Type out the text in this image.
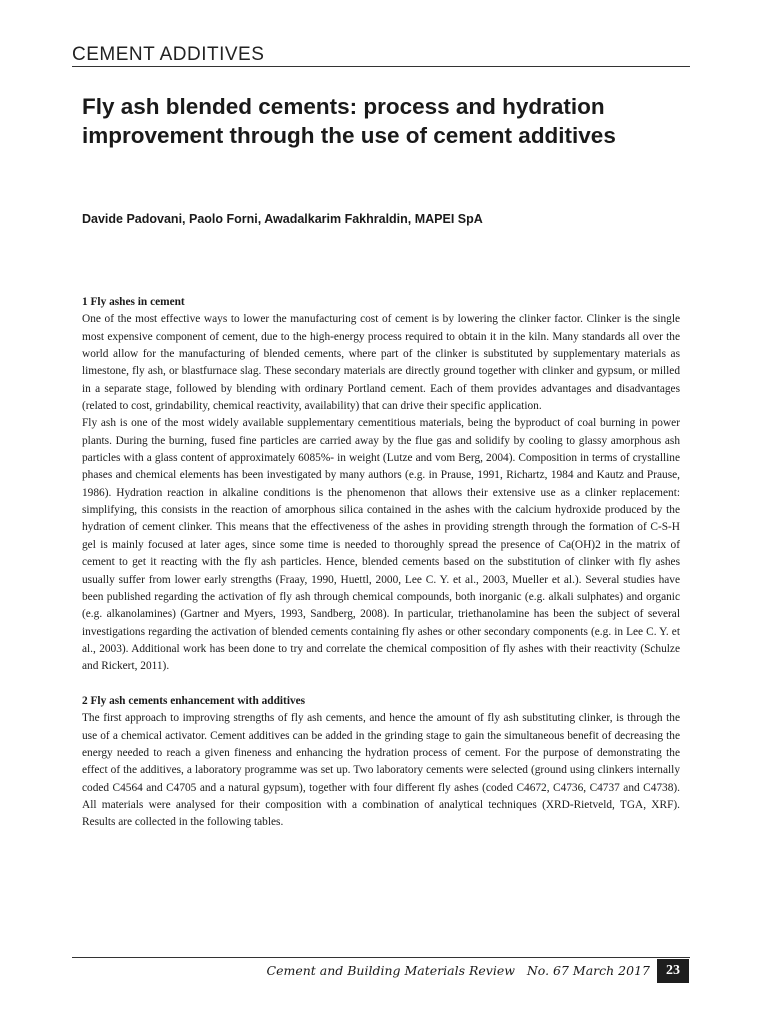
CEMENT ADDITIVES
Fly ash blended cements: process and hydration improvement through the use of cement additives
Davide Padovani, Paolo Forni, Awadalkarim Fakhraldin, MAPEI SpA
1 Fly ashes in cement

One of the most effective ways to lower the manufacturing cost of cement is by lowering the clinker factor. Clinker is the single most expensive component of cement, due to the high-energy process required to obtain it in the kiln. Many standards all over the world allow for the manufacturing of blended cements, where part of the clinker is substituted by supplementary materials as limestone, fly ash, or blastfurnace slag. These secondary materials are directly ground together with clinker and gypsum, or milled in a separate stage, followed by blending with ordinary Portland cement. Each of them provides advantages and disadvantages (related to cost, grindability, chemical reactivity, availability) that can drive their specific application.

Fly ash is one of the most widely available supplementary cementitious materials, being the byproduct of coal burning in power plants. During the burning, fused fine particles are carried away by the flue gas and solidify by cooling to glassy amorphous ash particles with a glass content of approximately 6085%- in weight (Lutze and vom Berg, 2004). Composition in terms of crystalline phases and chemical elements has been investigated by many authors (e.g. in Prause, 1991, Richartz, 1984 and Kautz and Prause, 1986). Hydration reaction in alkaline conditions is the phenomenon that allows their extensive use as a clinker replacement: simplifying, this consists in the reaction of amorphous silica contained in the ashes with the calcium hydroxide produced by the hydration of cement clinker. This means that the effectiveness of the ashes in providing strength through the formation of C-S-H gel is mainly focused at later ages, since some time is needed to thoroughly spread the presence of Ca(OH)2 in the matrix of cement to get it reacting with the fly ash particles. Hence, blended cements based on the substitution of clinker with fly ashes usually suffer from lower early strengths (Fraay, 1990, Huettl, 2000, Lee C. Y. et al., 2003, Mueller et al.). Several studies have been published regarding the activation of fly ash through chemical compounds, both inorganic (e.g. alkali sulphates) and organic (e.g. alkanolamines) (Gartner and Myers, 1993, Sandberg, 2008). In particular, triethanolamine has been the subject of several investigations regarding the activation of blended cements containing fly ashes or other secondary components (e.g. in Lee C. Y. et al., 2003). Additional work has been done to try and correlate the chemical composition of fly ashes with their reactivity (Schulze and Rickert, 2011).

2 Fly ash cements enhancement with additives

The first approach to improving strengths of fly ash cements, and hence the amount of fly ash substituting clinker, is through the use of a chemical activator. Cement additives can be added in the grinding stage to gain the simultaneous benefit of decreasing the energy needed to reach a given fineness and enhancing the hydration process of cement. For the purpose of demonstrating the effect of the additives, a laboratory programme was set up. Two laboratory cements were selected (ground using clinkers internally coded C4564 and C4705 and a natural gypsum), together with four different fly ashes (coded C4672, C4736, C4737 and C4738). All materials were analysed for their composition with a combination of analytical techniques (XRD-Rietveld, TGA, XRF). Results are collected in the following tables.

Cement and Building Materials Review   No. 67 March 2017	23
